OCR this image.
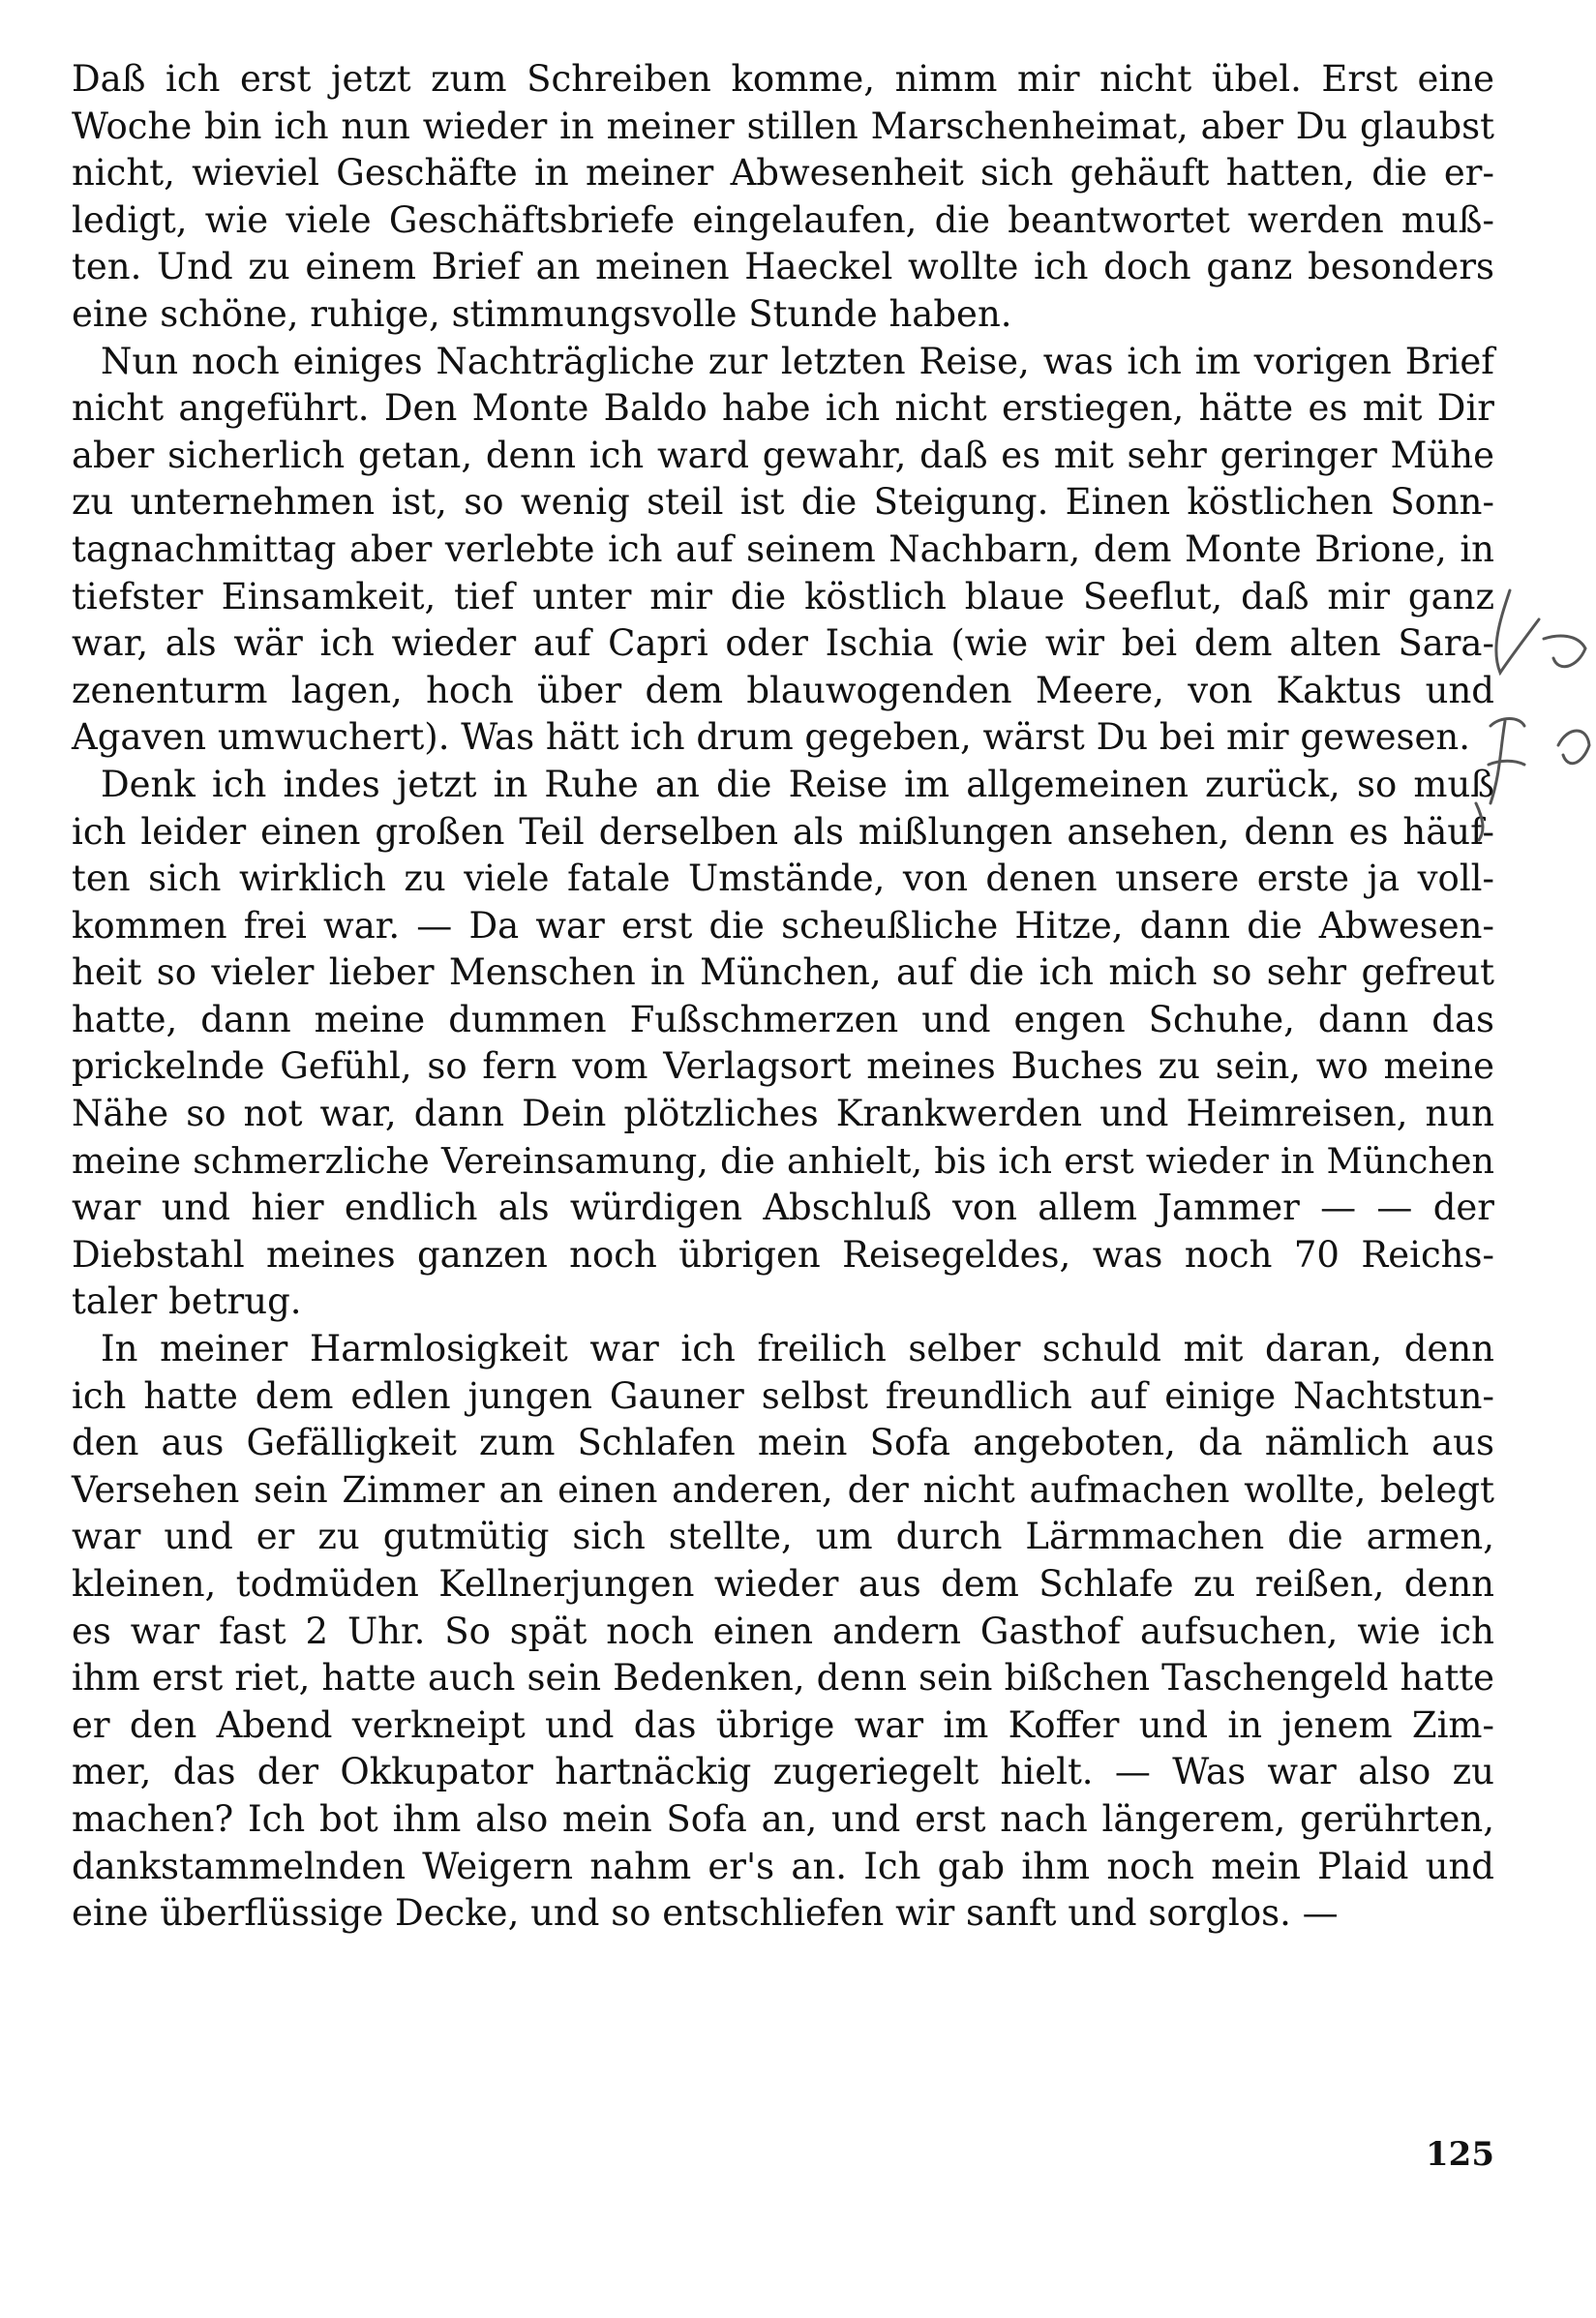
Daß ich erst jetzt zum Schreiben komme, nimm mir nicht übel. Erst eine
Woche bin ich nun wieder in meiner stillen Marschenheimat, aber Du glaubst
nicht, wieviel Geschäfte in meiner Abwesenheit sich gehäuft hatten, die er-
ledigt, wie viele Geschäftsbriefe eingelaufen, die beantwortet werden muß-
ten. Und zu einem Brief an meinen Haeckel wollte ich doch ganz besonders
eine schöne, ruhige, stimmungsvolle Stunde haben.
Nun noch einiges Nachträgliche zur letzten Reise, was ich im vorigen Brief
nicht angeführt. Den Monte Baldo habe ich nicht erstiegen, hätte es mit Dir
aber sicherlich getan, denn ich ward gewahr, daß es mit sehr geringer Mühe
zu unternehmen ist, so wenig steil ist die Steigung. Einen köstlichen Sonn-
tagnachmittag aber verlebte ich auf seinem Nachbarn, dem Monte Brione, in
tiefster Einsamkeit, tief unter mir die köstlich blaue Seeflut, daß mir ganz
war, als wär ich wieder auf Capri oder Ischia (wie wir bei dem alten Sara-
zenenturm lagen, hoch über dem blauwogenden Meere, von Kaktus und
Agaven umwuchert). Was hätt ich drum gegeben, wärst Du bei mir gewesen.
Denk ich indes jetzt in Ruhe an die Reise im allgemeinen zurück, so muß
ich leider einen großen Teil derselben als mißlungen ansehen, denn es häuf-
ten sich wirklich zu viele fatale Umstände, von denen unsere erste ja voll-
kommen frei war. — Da war erst die scheußliche Hitze, dann die Abwesen-
heit so vieler lieber Menschen in München, auf die ich mich so sehr gefreut
hatte, dann meine dummen Fußschmerzen und engen Schuhe, dann das
prickelnde Gefühl, so fern vom Verlagsort meines Buches zu sein, wo meine
Nähe so not war, dann Dein plötzliches Krankwerden und Heimreisen, nun
meine schmerzliche Vereinsamung, die anhielt, bis ich erst wieder in München
war und hier endlich als würdigen Abschluß von allem Jammer — — der
Diebstahl meines ganzen noch übrigen Reisegeldes, was noch 70 Reichs-
taler betrug.
In meiner Harmlosigkeit war ich freilich selber schuld mit daran, denn
ich hatte dem edlen jungen Gauner selbst freundlich auf einige Nachtstun-
den aus Gefälligkeit zum Schlafen mein Sofa angeboten, da nämlich aus
Versehen sein Zimmer an einen anderen, der nicht aufmachen wollte, belegt
war und er zu gutmütig sich stellte, um durch Lärmmachen die armen,
kleinen, todmüden Kellnerjungen wieder aus dem Schlafe zu reißen, denn
es war fast 2 Uhr. So spät noch einen andern Gasthof aufsuchen, wie ich
ihm erst riet, hatte auch sein Bedenken, denn sein bißchen Taschengeld hatte
er den Abend verkneipt und das übrige war im Koffer und in jenem Zim-
mer, das der Okkupator hartnäckig zugeriegelt hielt. — Was war also zu
machen? Ich bot ihm also mein Sofa an, und erst nach längerem, gerührten,
dankstammelnden Weigern nahm er's an. Ich gab ihm noch mein Plaid und
eine überflüssige Decke, und so entschliefen wir sanft und sorglos. —
125
